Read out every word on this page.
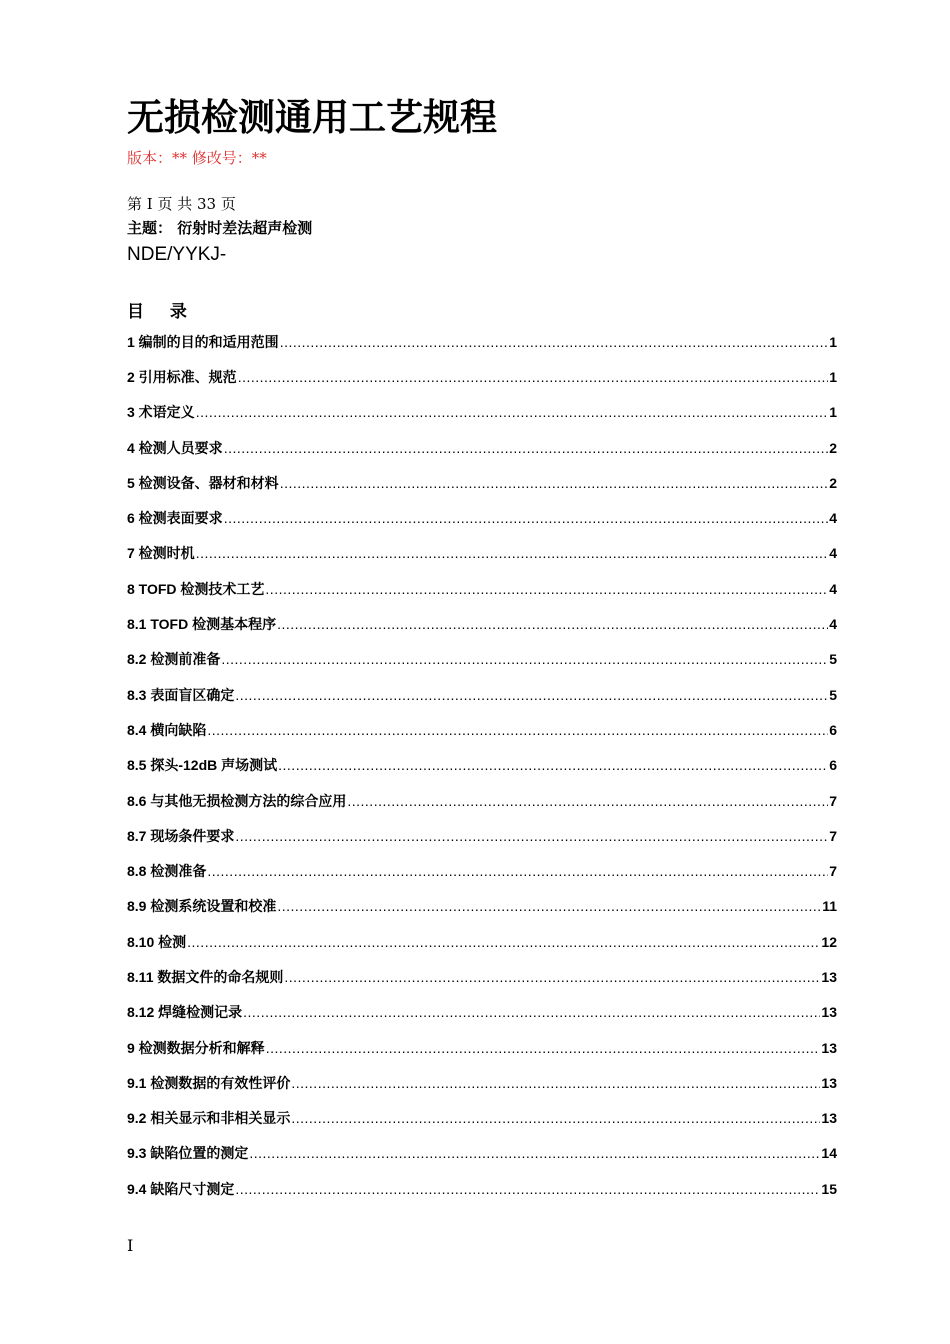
无损检测通用工艺规程
版本：** 修改号：**
第 I 页 共 33 页
主题： 衍射时差法超声检测
NDE/YYKJ-
目 录
1 编制的目的和适用范围 .....	1
2 引用标准、规范 .....	1
3 术语定义 .....	1
4 检测人员要求 .....	2
5 检测设备、器材和材料 .....	2
6 检测表面要求 .....	4
7 检测时机 .....	4
8 TOFD 检测技术工艺 .....	4
8.1 TOFD 检测基本程序 .....	4
8.2 检测前准备 .....	5
8.3 表面盲区确定 .....	5
8.4 横向缺陷 .....	6
8.5 探头-12dB 声场测试 .....	6
8.6 与其他无损检测方法的综合应用 .....	7
8.7 现场条件要求 .....	7
8.8 检测准备 .....	7
8.9 检测系统设置和校准 .....	11
8.10 检测 .....	12
8.11 数据文件的命名规则 .....	13
8.12 焊缝检测记录 .....	13
9 检测数据分析和解释 .....	13
9.1 检测数据的有效性评价 .....	13
9.2 相关显示和非相关显示 .....	13
9.3 缺陷位置的测定 .....	14
9.4 缺陷尺寸测定 .....	15
I
